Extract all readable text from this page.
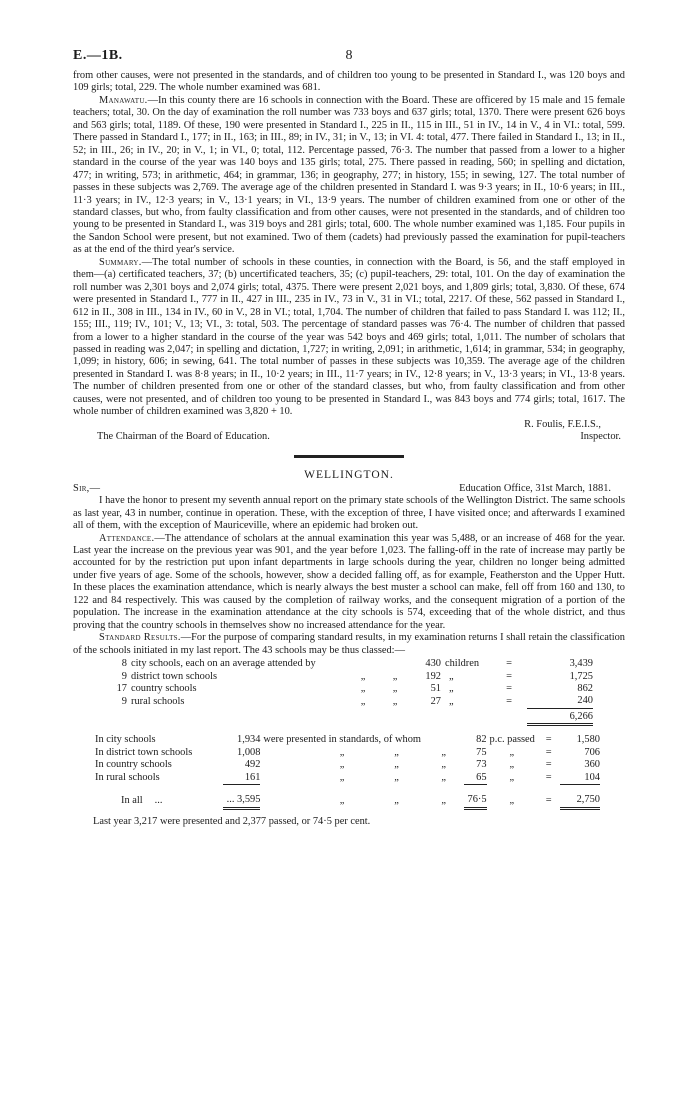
E.—1B.	8

from other causes, were not presented in the standards, and of children too young to be presented in Standard I., was 120 boys and 109 girls; total, 229. The whole number examined was 681.

Manawatu.—In this county there are 16 schools in connection with the Board. These are officered by 15 male and 15 female teachers; total, 30. On the day of examination the roll number was 733 boys and 637 girls; total, 1370. There were present 626 boys and 563 girls; total, 1189. Of these, 190 were presented in Standard I., 225 in II., 115 in III., 51 in IV., 14 in V., 4 in VI.: total, 599. There passed in Standard I., 177; in II., 163; in III., 89; in IV., 31; in V., 13; in VI. 4: total, 477. There failed in Standard I., 13; in II., 52; in III., 26; in IV., 20; in V., 1; in VI., 0; total, 112. Percentage passed, 76·3. The number that passed from a lower to a higher standard in the course of the year was 140 boys and 135 girls; total, 275. There passed in reading, 560; in spelling and dictation, 477; in writing, 573; in arithmetic, 464; in grammar, 136; in geography, 277; in history, 155; in sewing, 127. The total number of passes in these subjects was 2,769. The average age of the children presented in Standard I. was 9·3 years; in II., 10·6 years; in III., 11·3 years; in IV., 12·3 years; in V., 13·1 years; in VI., 13·9 years. The number of children examined from one or other of the standard classes, but who, from faulty classification and from other causes, were not presented in the standards, and of children too young to be presented in Standard I., was 319 boys and 281 girls; total, 600. The whole number examined was 1,185. Four pupils in the Sandon School were present, but not examined. Two of them (cadets) had previously passed the examination for pupil-teachers as at the end of the third year's service.

Summary.—The total number of schools in these counties, in connection with the Board, is 56, and the staff employed in them—(a) certificated teachers, 37; (b) uncertificated teachers, 35; (c) pupil-teachers, 29: total, 101. On the day of examination the roll number was 2,301 boys and 2,074 girls; total, 4375. There were present 2,021 boys, and 1,809 girls; total, 3,830. Of these, 674 were presented in Standard I., 777 in II., 427 in III., 235 in IV., 73 in V., 31 in VI.; total, 2217. Of these, 562 passed in Standard I., 612 in II., 308 in III., 134 in IV., 60 in V., 28 in VI.; total, 1,704. The number of children that failed to pass Standard I. was 112; II., 155; III., 119; IV., 101; V., 13; VI., 3: total, 503. The percentage of standard passes was 76·4. The number of children that passed from a lower to a higher standard in the course of the year was 542 boys and 469 girls; total, 1,011. The number of scholars that passed in reading was 2,047; in spelling and dictation, 1,727; in writing, 2,091; in arithmetic, 1,614; in grammar, 534; in geography, 1,099; in history, 606; in sewing, 641. The total number of passes in these subjects was 10,359. The average age of the children presented in Standard I. was 8·8 years; in II., 10·2 years; in III., 11·7 years; in IV., 12·8 years; in V., 13·3 years; in VI., 13·8 years. The number of children presented from one or other of the standard classes, but who, from faulty classification and from other causes, were not presented, and of children too young to be presented in Standard I., was 843 boys and 774 girls; total, 1617. The whole number of children examined was 3,820 + 10.

R. Foulis, F.E.I.S.,
The Chairman of the Board of Education.	Inspector.
WELLINGTON.
Sir,—	Education Office, 31st March, 1881.

I have the honor to present my seventh annual report on the primary state schools of the Wellington District. The same schools as last year, 43 in number, continue in operation. These, with the exception of three, I have visited once; and afterwards I examined all of them, with the exception of Mauriceville, where an epidemic had broken out.

Attendance.—The attendance of scholars at the annual examination this year was 5,488, or an increase of 468 for the year. Last year the increase on the previous year was 901, and the year before 1,023. The falling-off in the rate of increase may partly be accounted for by the restriction put upon infant departments in large schools during the year, children no longer being admitted under five years of age. Some of the schools, however, show a decided falling off, as for example, Featherston and the Upper Hutt. In these places the examination attendance, which is nearly always the best muster a school can make, fell off from 160 and 130, to 122 and 84 respectively. This was caused by the completion of railway works, and the consequent migration of a portion of the population. The increase in the examination attendance at the city schools is 574, exceeding that of the whole district, and thus proving that the country schools in themselves show no increased attendance for the year.

Standard Results.—For the purpose of comparing standard results, in my examination returns I shall retain the classification of the schools initiated in my last report. The 43 schools may be thus classed:—

8	city schools, each on an average attended by			430	children	=	3,439
9	district town schools	„	„	192	„	=	1,725
17	country schools	„	„	51	„	=	862
9	rural schools	„	„	27	„	=	240
							6,266
In city schools	1,934	were presented in standards, of whom				82	p.c. passed	=	1,580
In district town schools	1,008		„	„	„	75	„	=	706
In country schools	492		„	„	„	73	„	=	360
In rural schools	161		„	„	„	65	„	=	104
In all ...	... 3,595		„	„	„	76·5	„	=	2,750

Last year 3,217 were presented and 2,377 passed, or 74·5 per cent.
